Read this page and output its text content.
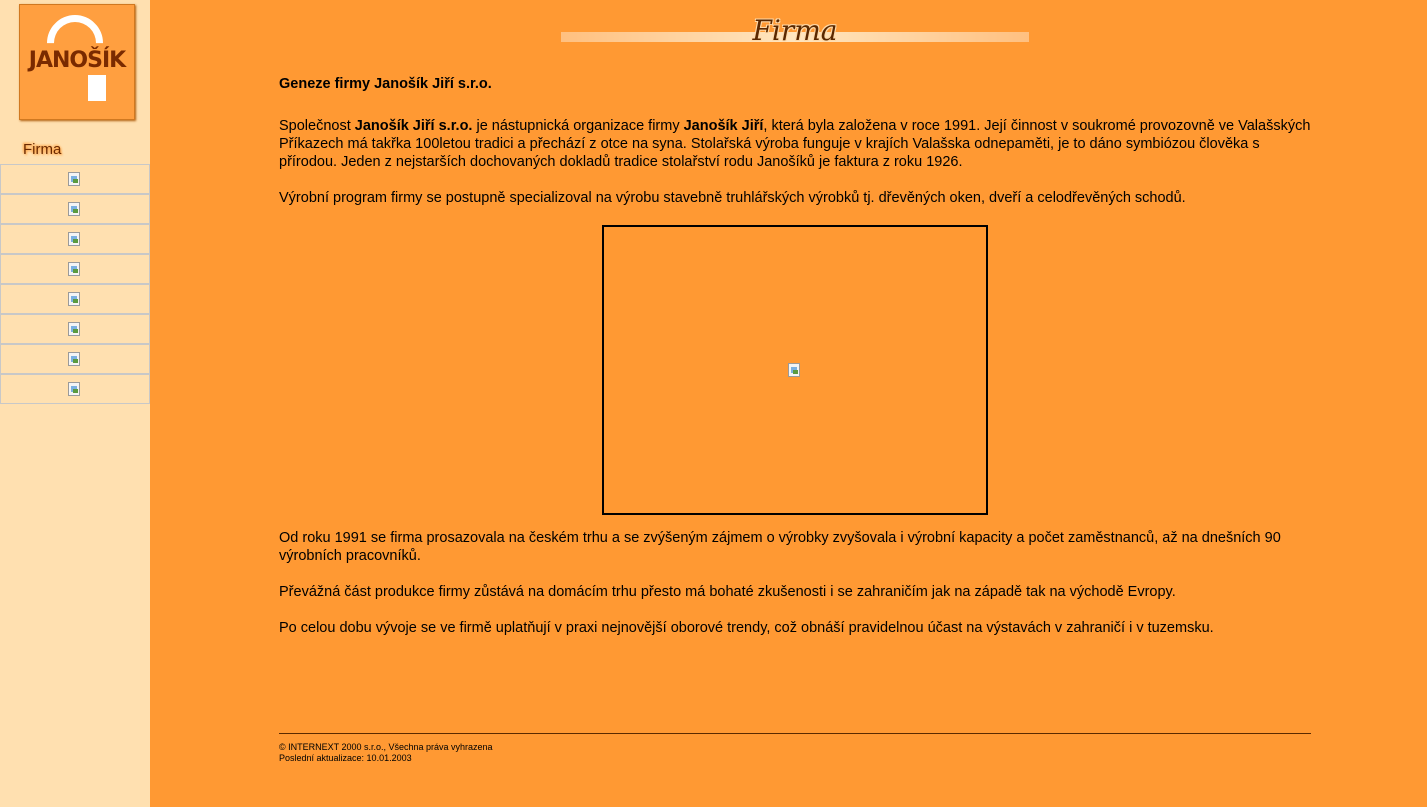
JANOŠÍK
Firma
Firma
Geneze firmy Janošík Jiří s.r.o.

Společnost Janošík Jiří s.r.o. je nástupnická organizace firmy Janošík Jiří, která byla založena v roce 1991. Její činnost v soukromé provozovně ve Valašských Příkazech má takřka 100letou tradici a přechází z otce na syna. Stolařská výroba funguje v krajích Valašska odnepaměti, je to dáno symbiózou člověka s přírodou. Jeden z nejstarších dochovaných dokladů tradice stolařství rodu Janošíků je faktura z roku 1926.

Výrobní program firmy se postupně specializoval na výrobu stavebně truhlářských výrobků tj. dřevěných oken, dveří a celodřevěných schodů.

Od roku 1991 se firma prosazovala na českém trhu a se zvýšeným zájmem o výrobky zvyšovala i výrobní kapacity a počet zaměstnanců, až na dnešních 90 výrobních pracovníků.

Převážná část produkce firmy zůstává na domácím trhu přesto má bohaté zkušenosti i se zahraničím jak na západě tak na východě Evropy.

Po celou dobu vývoje se ve firmě uplatňují v praxi nejnovější oborové trendy, což obnáší pravidelnou účast na výstavách v zahraničí i v tuzemsku.

© INTERNEXT 2000 s.r.o., Všechna práva vyhrazena
Poslední aktualizace: 10.01.2003
